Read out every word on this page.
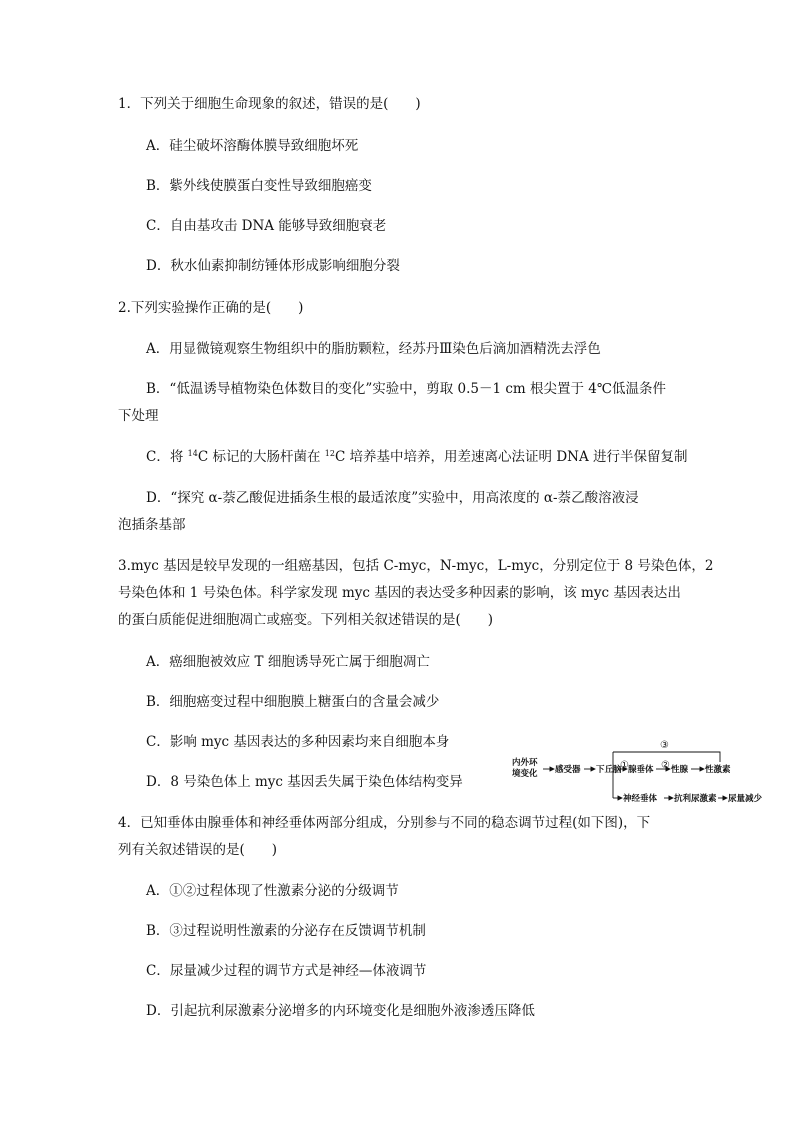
1．下列关于细胞生命现象的叙述，错误的是(　　)
A．硅尘破坏溶酶体膜导致细胞坏死
B．紫外线使膜蛋白变性导致细胞癌变
C．自由基攻击 DNA 能够导致细胞衰老
D．秋水仙素抑制纺锤体形成影响细胞分裂
2.下列实验操作正确的是(　　)
A．用显微镜观察生物组织中的脂肪颗粒，经苏丹Ⅲ染色后滴加酒精洗去浮色
B．“低温诱导植物染色体数目的变化”实验中，剪取 0.5－1 cm 根尖置于 4℃低温条件
下处理
C．将 $^{14}$C 标记的大肠杆菌在 $^{12}$C 培养基中培养，用差速离心法证明 DNA 进行半保留复制
D．“探究 α-萘乙酸促进插条生根的最适浓度”实验中，用高浓度的 α-萘乙酸溶液浸
泡插条基部
3.myc 基因是较早发现的一组癌基因，包括 C-myc，N-myc，L-myc，分别定位于 8 号染色体，2
号染色体和 1 号染色体。科学家发现 myc 基因的表达受多种因素的影响，该 myc 基因表达出
的蛋白质能促进细胞凋亡或癌变。下列相关叙述错误的是(　　)
A．癌细胞被效应 T 细胞诱导死亡属于细胞凋亡
B．细胞癌变过程中细胞膜上糖蛋白的含量会减少
C．影响 myc 基因表达的多种因素均来自细胞本身
D．8 号染色体上 myc 基因丢失属于染色体结构变异
内外环
境变化 感受器 下丘脑
① 腺垂体 ② 性腺 性激素
③
神经垂体 抗利尿激素 尿量减少
4．已知垂体由腺垂体和神经垂体两部分组成，分别参与不同的稳态调节过程(如下图)，下
列有关叙述错误的是(　　)
A．①②过程体现了性激素分泌的分级调节
B．③过程说明性激素的分泌存在反馈调节机制
C．尿量减少过程的调节方式是神经—体液调节
D．引起抗利尿激素分泌增多的内环境变化是细胞外液渗透压降低
